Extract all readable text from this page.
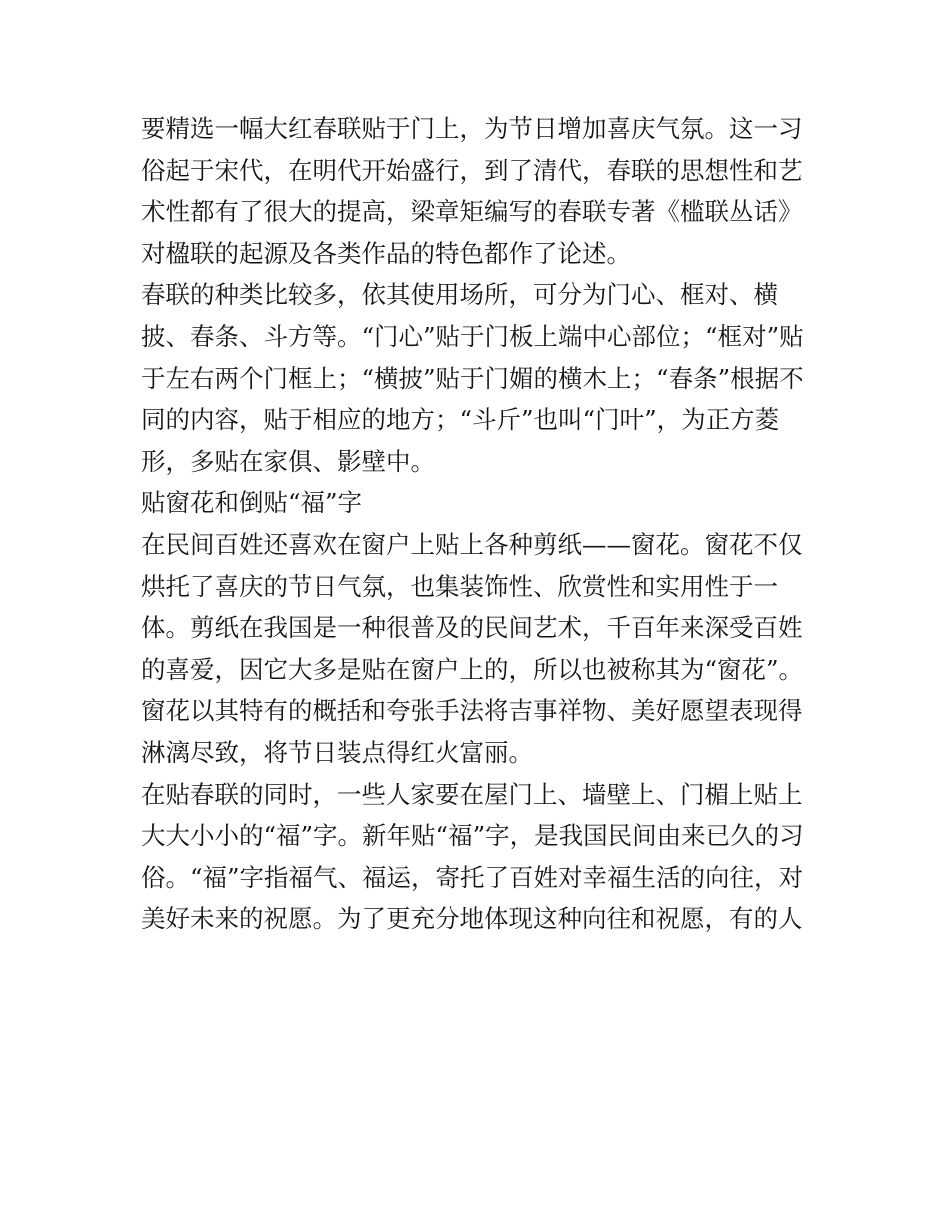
要精选一幅大红春联贴于门上，为节日增加喜庆气氛。这一习
俗起于宋代，在明代开始盛行，到了清代，春联的思想性和艺
术性都有了很大的提高，梁章矩编写的春联专著《槛联丛话》
对楹联的起源及各类作品的特色都作了论述。
春联的种类比较多，依其使用场所，可分为门心、框对、横
披、春条、斗方等。“门心”贴于门板上端中心部位；“框对”贴
于左右两个门框上；“横披”贴于门媚的横木上；“春条”根据不
同的内容，贴于相应的地方；“斗斤”也叫“门叶”，为正方菱
形，多贴在家俱、影壁中。
贴窗花和倒贴“福”字
在民间百姓还喜欢在窗户上贴上各种剪纸——窗花。窗花不仅
烘托了喜庆的节日气氛，也集装饰性、欣赏性和实用性于一
体。剪纸在我国是一种很普及的民间艺术，千百年来深受百姓
的喜爱，因它大多是贴在窗户上的，所以也被称其为“窗花”。
窗花以其特有的概括和夸张手法将吉事祥物、美好愿望表现得
淋漓尽致，将节日装点得红火富丽。
在贴春联的同时，一些人家要在屋门上、墙壁上、门楣上贴上
大大小小的“福”字。新年贴“福”字，是我国民间由来已久的习
俗。“福”字指福气、福运，寄托了百姓对幸福生活的向往，对
美好未来的祝愿。为了更充分地体现这种向往和祝愿，有的人
